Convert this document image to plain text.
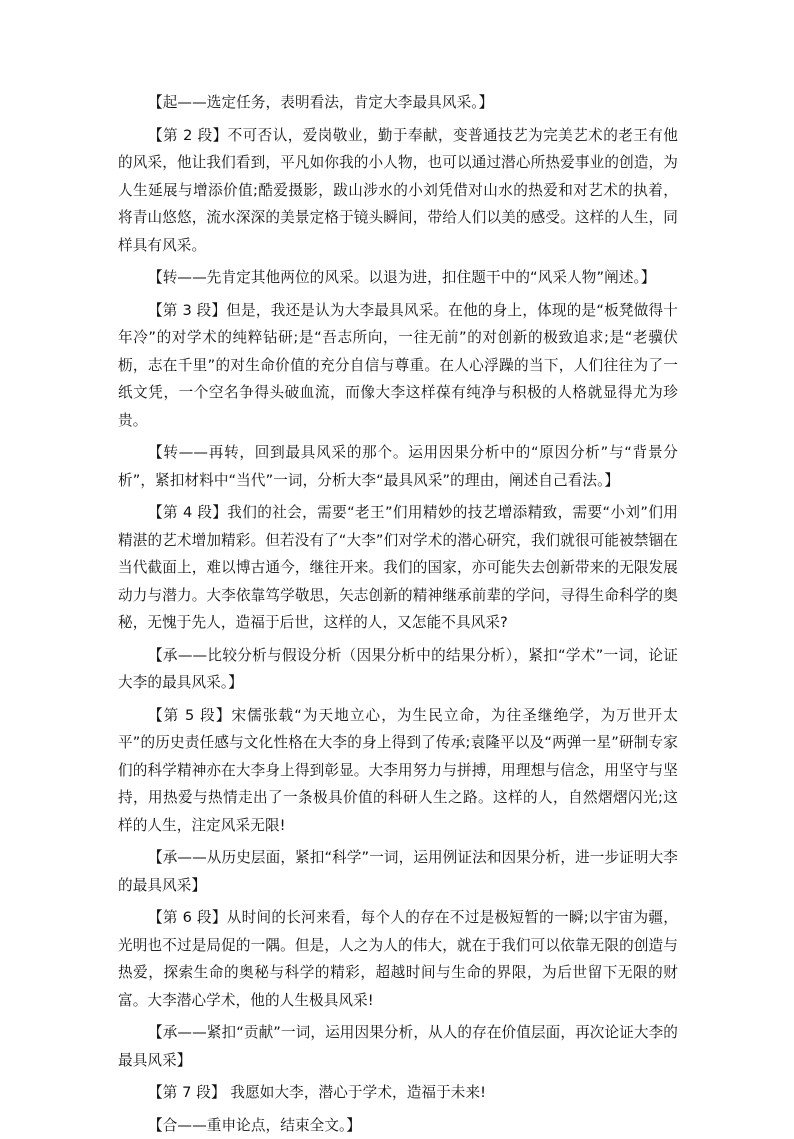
【起——选定任务，表明看法，肯定大李最具风采。】

【第 2 段】不可否认，爱岗敬业，勤于奉献，变普通技艺为完美艺术的老王有他的风采，他让我们看到，平凡如你我的小人物，也可以通过潜心所热爱事业的创造，为人生延展与增添价值;酷爱摄影，跋山涉水的小刘凭借对山水的热爱和对艺术的执着，将青山悠悠，流水深深的美景定格于镜头瞬间，带给人们以美的感受。这样的人生，同样具有风采。

【转——先肯定其他两位的风采。以退为进，扣住题干中的“风采人物”阐述。】

【第 3 段】但是，我还是认为大李最具风采。在他的身上，体现的是“板凳做得十年冷”的对学术的纯粹钻研;是“吾志所向，一往无前”的对创新的极致追求;是“老骥伏枥，志在千里”的对生命价值的充分自信与尊重。在人心浮躁的当下，人们往往为了一纸文凭，一个空名争得头破血流，而像大李这样葆有纯净与积极的人格就显得尤为珍贵。

【转——再转，回到最具风采的那个。运用因果分析中的“原因分析”与“背景分析”，紧扣材料中“当代”一词，分析大李“最具风采”的理由，阐述自己看法。】

【第 4 段】我们的社会，需要“老王”们用精妙的技艺增添精致，需要“小刘”们用精湛的艺术增加精彩。但若没有了“大李”们对学术的潜心研究，我们就很可能被禁锢在当代截面上，难以博古通今，继往开来。我们的国家，亦可能失去创新带来的无限发展动力与潜力。大李依靠笃学敬思，矢志创新的精神继承前辈的学问，寻得生命科学的奥秘，无愧于先人，造福于后世，这样的人，又怎能不具风采?

【承——比较分析与假设分析（因果分析中的结果分析），紧扣“学术”一词，论证大李的最具风采。】

【第 5 段】宋儒张载“为天地立心，为生民立命，为往圣继绝学，为万世开太平”的历史责任感与文化性格在大李的身上得到了传承;袁隆平以及“两弹一星”研制专家们的科学精神亦在大李身上得到彰显。大李用努力与拼搏，用理想与信念，用坚守与坚持，用热爱与热情走出了一条极具价值的科研人生之路。这样的人，自然熠熠闪光;这样的人生，注定风采无限!

【承——从历史层面，紧扣“科学”一词，运用例证法和因果分析，进一步证明大李的最具风采】

【第 6 段】从时间的长河来看，每个人的存在不过是极短暂的一瞬;以宇宙为疆，光明也不过是局促的一隅。但是，人之为人的伟大，就在于我们可以依靠无限的创造与热爱，探索生命的奥秘与科学的精彩，超越时间与生命的界限，为后世留下无限的财富。大李潜心学术，他的人生极具风采!

【承——紧扣“贡献”一词，运用因果分析，从人的存在价值层面，再次论证大李的最具风采】

【第 7 段】 我愿如大李，潜心于学术，造福于未来!

【合——重申论点，结束全文。】
